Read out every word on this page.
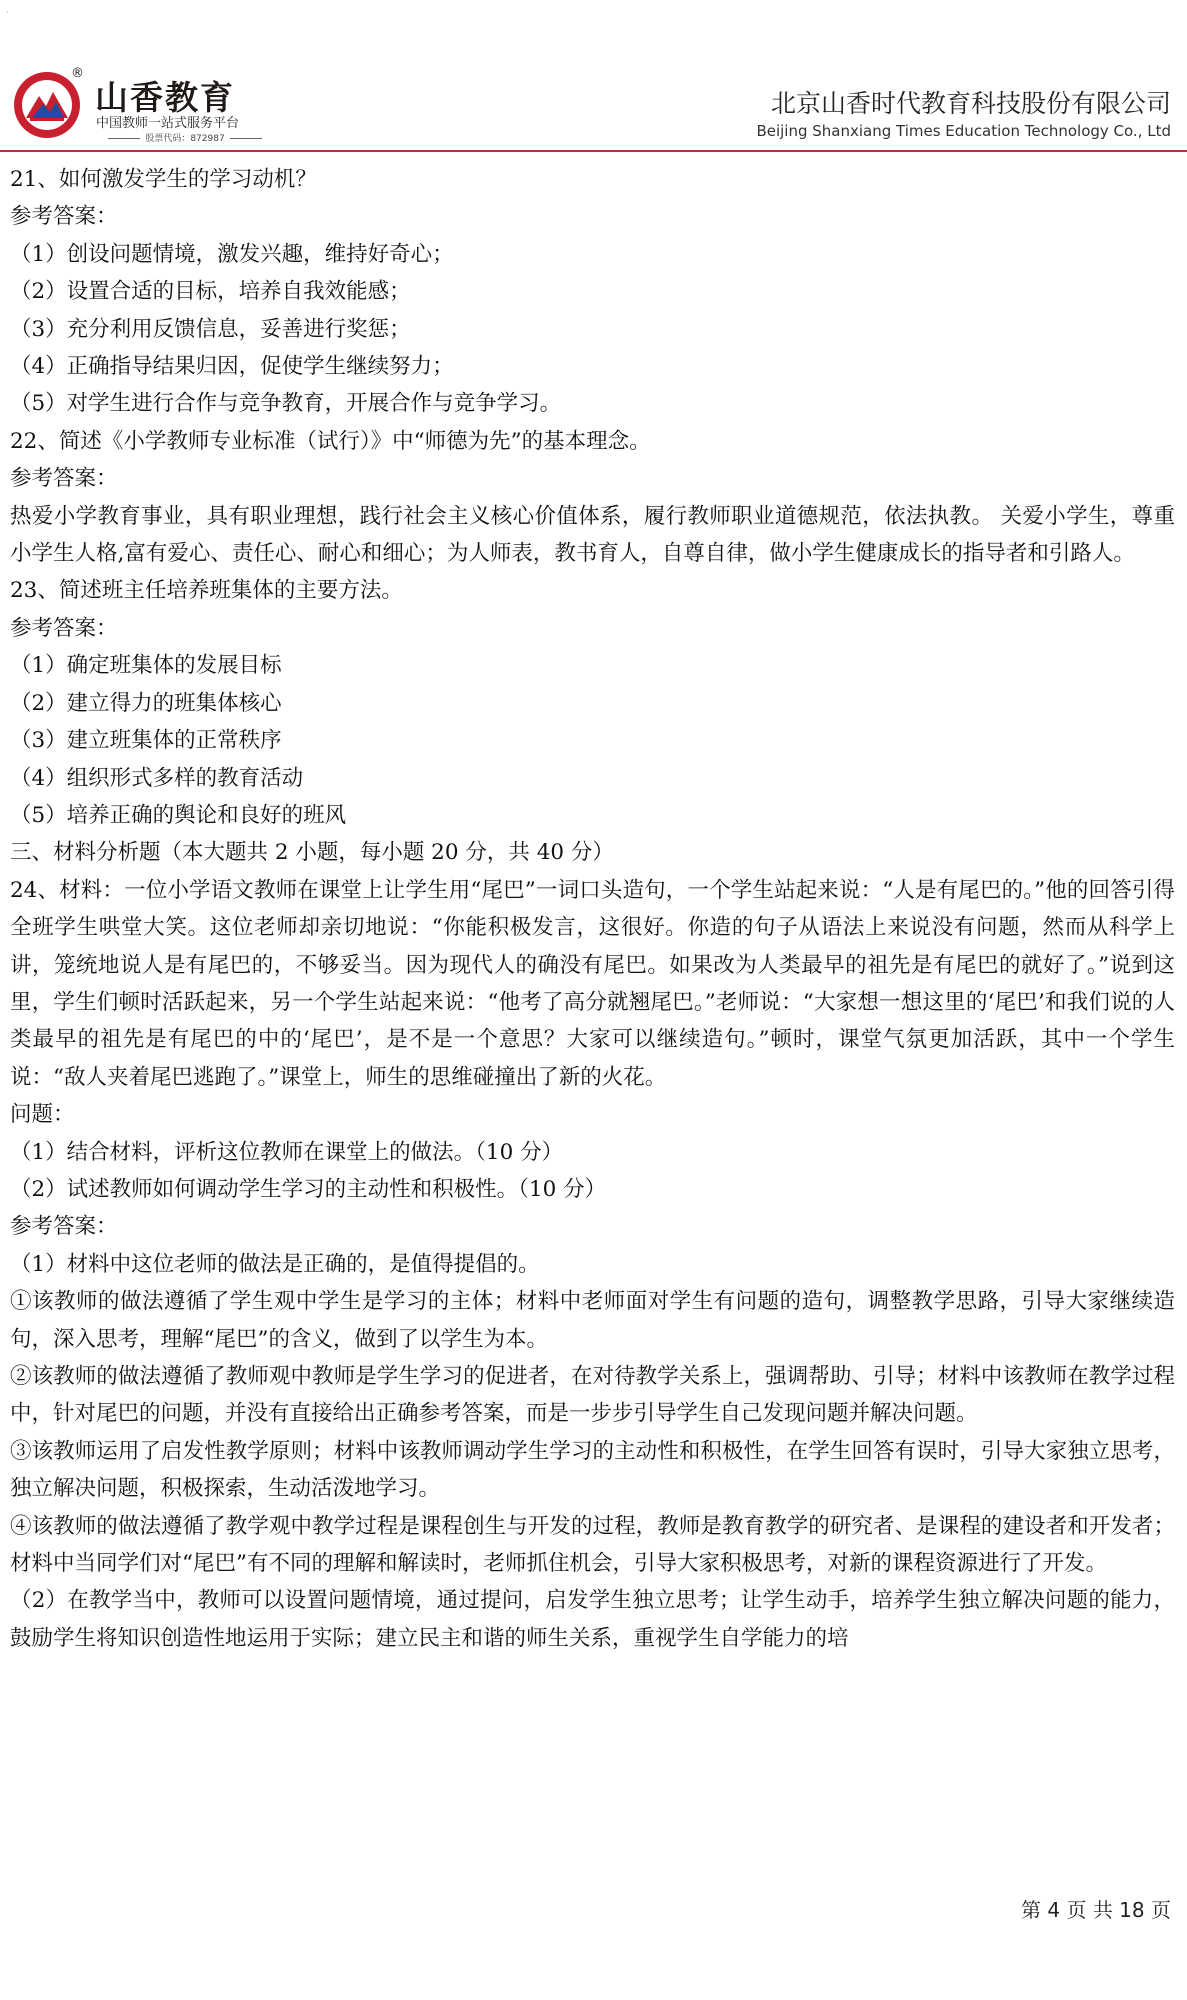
·
®
山香教育
中国教师一站式服务平台
股票代码：872987
北京山香时代教育科技股份有限公司
Beijing Shanxiang Times Education Technology Co., Ltd

21、如何激发学生的学习动机？

参考答案：

（1）创设问题情境，激发兴趣，维持好奇心；

（2）设置合适的目标，培养自我效能感；

（3）充分利用反馈信息，妥善进行奖惩；

（4）正确指导结果归因，促使学生继续努力；

（5）对学生进行合作与竞争教育，开展合作与竞争学习。

22、简述《小学教师专业标准（试行）》中“师德为先”的基本理念。

参考答案：

热爱小学教育事业，具有职业理想，践行社会主义核心价值体系，履行教师职业道德规范，依法执教。 关爱小学生，尊重小学生人格,富有爱心、责任心、耐心和细心；为人师表，教书育人，自尊自律，做小学生健康成长的指导者和引路人。

23、简述班主任培养班集体的主要方法。

参考答案：

（1）确定班集体的发展目标

（2）建立得力的班集体核心

（3）建立班集体的正常秩序

（4）组织形式多样的教育活动

（5）培养正确的舆论和良好的班风

三、材料分析题（本大题共 2 小题，每小题 20 分，共 40 分）

24、材料：一位小学语文教师在课堂上让学生用“尾巴”一词口头造句，一个学生站起来说：“人是有尾巴的。”他的回答引得全班学生哄堂大笑。这位老师却亲切地说：“你能积极发言，这很好。你造的句子从语法上来说没有问题，然而从科学上讲，笼统地说人是有尾巴的，不够妥当。因为现代人的确没有尾巴。如果改为人类最早的祖先是有尾巴的就好了。”说到这里，学生们顿时活跃起来，另一个学生站起来说：“他考了高分就翘尾巴。”老师说：“大家想一想这里的‘尾巴’和我们说的人类最早的祖先是有尾巴的中的‘尾巴’，是不是一个意思？大家可以继续造句。”顿时，课堂气氛更加活跃，其中一个学生说：“敌人夹着尾巴逃跑了。”课堂上，师生的思维碰撞出了新的火花。

问题：

（1）结合材料，评析这位教师在课堂上的做法。（10 分）

（2）试述教师如何调动学生学习的主动性和积极性。（10 分）

参考答案：

（1）材料中这位老师的做法是正确的，是值得提倡的。

①该教师的做法遵循了学生观中学生是学习的主体；材料中老师面对学生有问题的造句，调整教学思路，引导大家继续造句，深入思考，理解“尾巴”的含义，做到了以学生为本。

②该教师的做法遵循了教师观中教师是学生学习的促进者，在对待教学关系上，强调帮助、引导；材料中该教师在教学过程中，针对尾巴的问题，并没有直接给出正确参考答案，而是一步步引导学生自己发现问题并解决问题。

③该教师运用了启发性教学原则；材料中该教师调动学生学习的主动性和积极性，在学生回答有误时，引导大家独立思考，独立解决问题，积极探索，生动活泼地学习。

④该教师的做法遵循了教学观中教学过程是课程创生与开发的过程，教师是教育教学的研究者、是课程的建设者和开发者；材料中当同学们对“尾巴”有不同的理解和解读时，老师抓住机会，引导大家积极思考，对新的课程资源进行了开发。

（2）在教学当中，教师可以设置问题情境，通过提问，启发学生独立思考；让学生动手，培养学生独立解决问题的能力，鼓励学生将知识创造性地运用于实际；建立民主和谐的师生关系，重视学生自学能力的培

第 4 页 共 18 页
